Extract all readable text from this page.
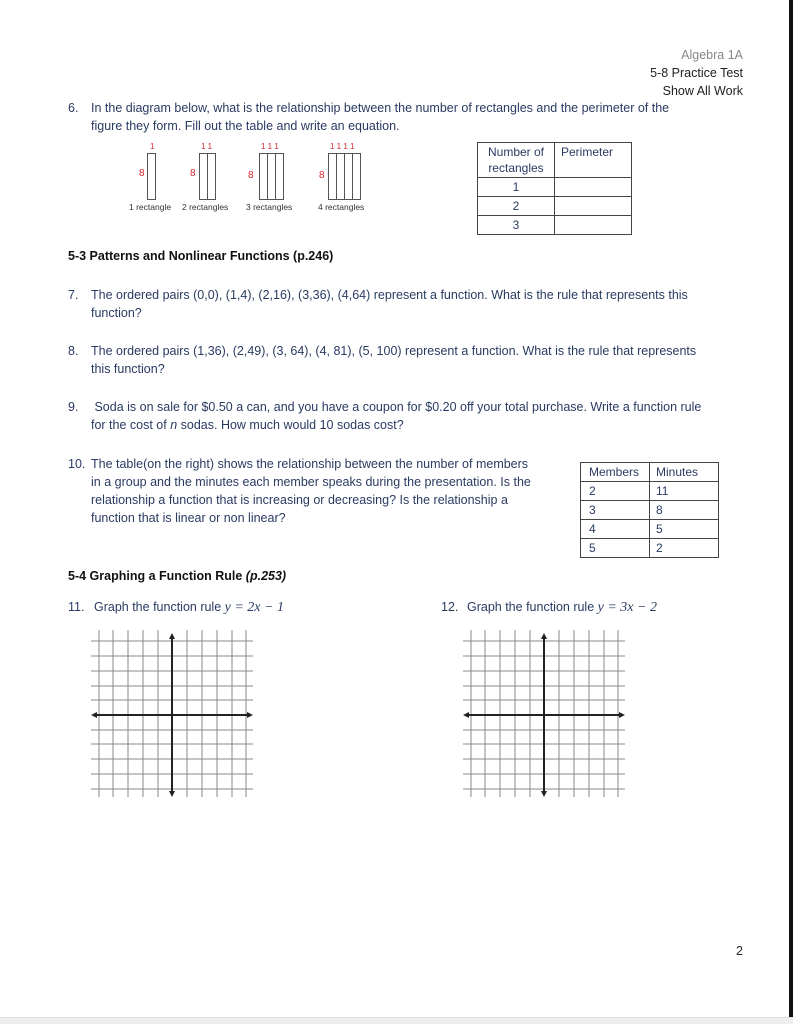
Algebra 1A
5-8 Practice Test
Show All Work
6. In the diagram below, what is the relationship between the number of rectangles and the perimeter of the
figure they form. Fill out the table and write an equation.
1
8
1 rectangle
1 1
8
2 rectangles
1 1 1
8
3 rectangles
1 1 1 1
8
4 rectangles
Number of rectangles	Perimeter
1	
2	
3	
5-3 Patterns and Nonlinear Functions (p.246)
7. The ordered pairs (0,0), (1,4), (2,16), (3,36), (4,64) represent a function. What is the rule that represents this
function?
8. The ordered pairs (1,36), (2,49), (3, 64), (4, 81), (5, 100) represent a function. What is the rule that represents
this function?
9. Soda is on sale for $0.50 a can, and you have a coupon for $0.20 off your total purchase. Write a function rule
for the cost of n sodas. How much would 10 sodas cost?
10. The table(on the right) shows the relationship between the number of members
in a group and the minutes each member speaks during the presentation. Is the
relationship a function that is increasing or decreasing? Is the relationship a
function that is linear or non linear?
Members	Minutes
2	11
3	8
4	5
5	2
5-4 Graphing a Function Rule (p.253)
11. Graph the function rule y = 2x − 1	12. Graph the function rule y = 3x − 2
2
